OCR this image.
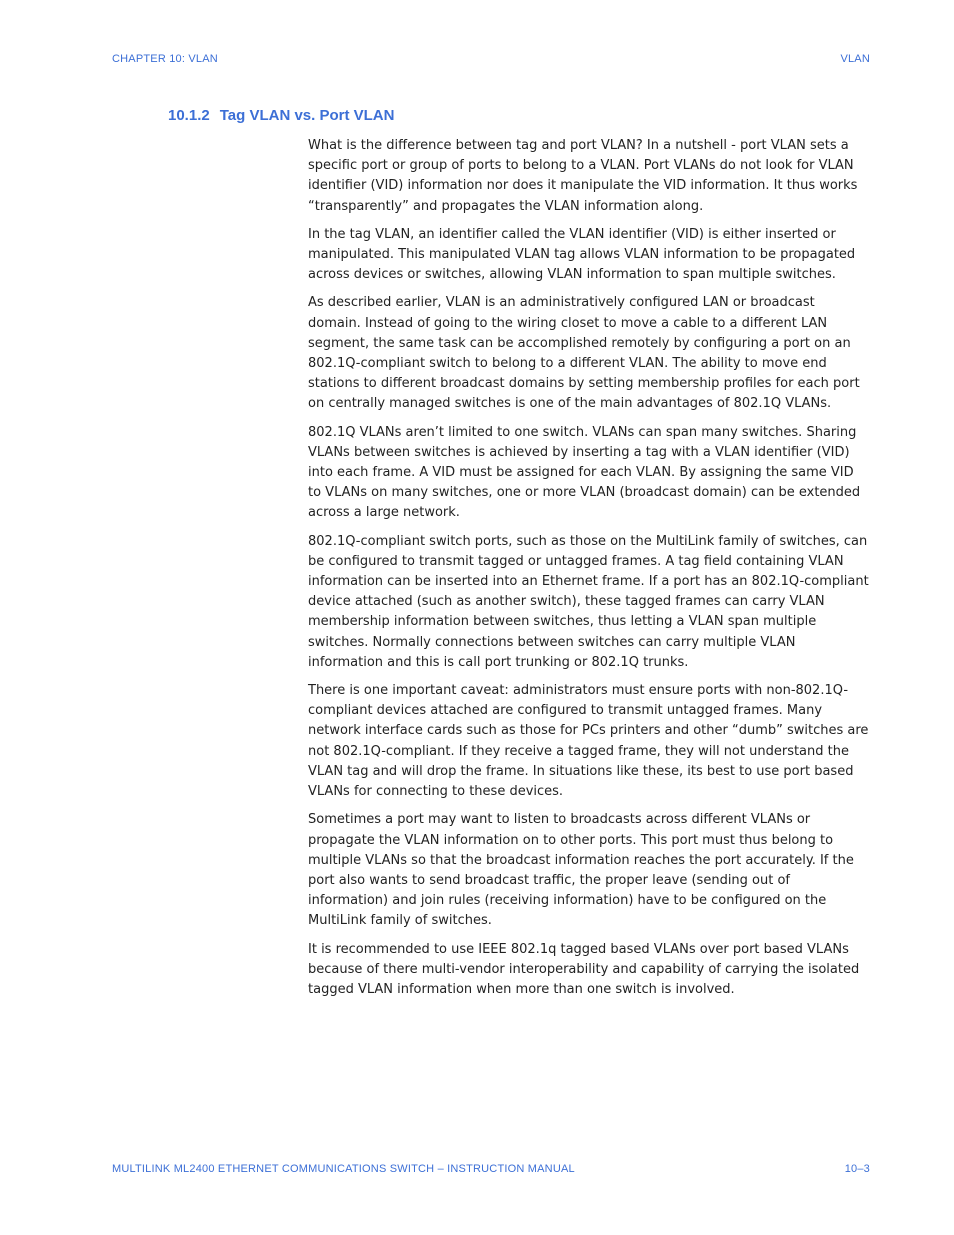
CHAPTER 10: VLAN	VLAN
10.1.2 Tag VLAN vs. Port VLAN

What is the difference between tag and port VLAN? In a nutshell - port VLAN sets a specific port or group of ports to belong to a VLAN. Port VLANs do not look for VLAN identifier (VID) information nor does it manipulate the VID information. It thus works “transparently” and propagates the VLAN information along.

In the tag VLAN, an identifier called the VLAN identifier (VID) is either inserted or manipulated. This manipulated VLAN tag allows VLAN information to be propagated across devices or switches, allowing VLAN information to span multiple switches.

As described earlier, VLAN is an administratively configured LAN or broadcast domain. Instead of going to the wiring closet to move a cable to a different LAN segment, the same task can be accomplished remotely by configuring a port on an 802.1Q-compliant switch to belong to a different VLAN. The ability to move end stations to different broadcast domains by setting membership profiles for each port on centrally managed switches is one of the main advantages of 802.1Q VLANs.

802.1Q VLANs aren’t limited to one switch. VLANs can span many switches. Sharing VLANs between switches is achieved by inserting a tag with a VLAN identifier (VID) into each frame. A VID must be assigned for each VLAN. By assigning the same VID to VLANs on many switches, one or more VLAN (broadcast domain) can be extended across a large network.

802.1Q-compliant switch ports, such as those on the MultiLink family of switches, can be configured to transmit tagged or untagged frames. A tag field containing VLAN information can be inserted into an Ethernet frame. If a port has an 802.1Q-compliant device attached (such as another switch), these tagged frames can carry VLAN membership information between switches, thus letting a VLAN span multiple switches. Normally connections between switches can carry multiple VLAN information and this is call port trunking or 802.1Q trunks.

There is one important caveat: administrators must ensure ports with non-802.1Q-compliant devices attached are configured to transmit untagged frames. Many network interface cards such as those for PCs printers and other “dumb” switches are not 802.1Q-compliant. If they receive a tagged frame, they will not understand the VLAN tag and will drop the frame. In situations like these, its best to use port based VLANs for connecting to these devices.

Sometimes a port may want to listen to broadcasts across different VLANs or propagate the VLAN information on to other ports. This port must thus belong to multiple VLANs so that the broadcast information reaches the port accurately. If the port also wants to send broadcast traffic, the proper leave (sending out of information) and join rules (receiving information) have to be configured on the MultiLink family of switches.

It is recommended to use IEEE 802.1q tagged based VLANs over port based VLANs because of there multi-vendor interoperability and capability of carrying the isolated tagged VLAN information when more than one switch is involved.

MULTILINK ML2400 ETHERNET COMMUNICATIONS SWITCH – INSTRUCTION MANUAL	10–3
